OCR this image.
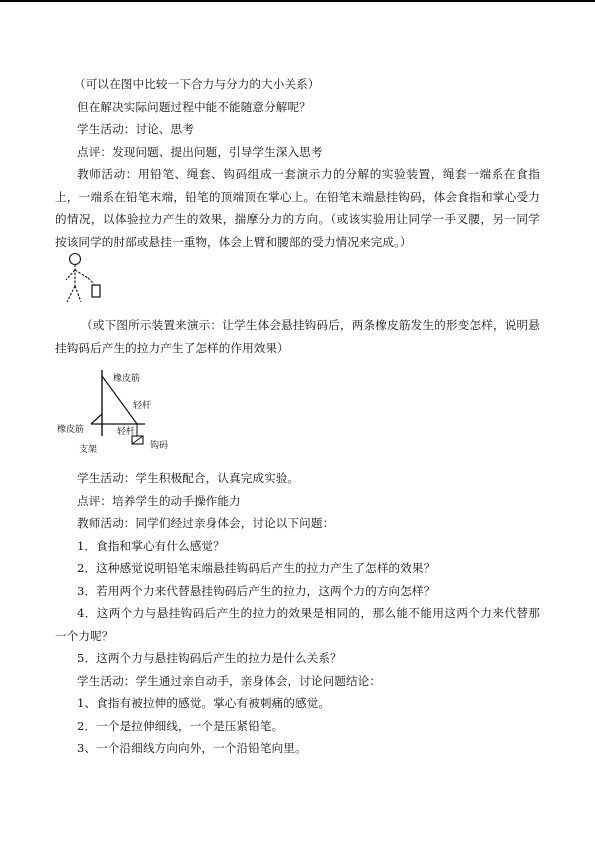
（可以在图中比较一下合力与分力的大小关系）
但在解决实际问题过程中能不能随意分解呢？
学生活动：讨论、思考
点评：发现问题、提出问题，引导学生深入思考
教师活动：用铅笔、绳套、钩码组成一套演示力的分解的实验装置，绳套一端系在食指上，一端系在铅笔末端，铅笔的顶端顶在掌心上。在铅笔末端悬挂钩码，体会食指和掌心受力的情况，以体验拉力产生的效果，揣摩分力的方向。（或该实验用让同学一手叉腰，另一同学按该同学的肘部或悬挂一重物，体会上臂和腰部的受力情况来完成。）
（或下图所示装置来演示：让学生体会悬挂钩码后，两条橡皮筋发生的形变怎样，说明悬挂钩码后产生的拉力产生了怎样的作用效果）
橡皮筋
轻杆
橡皮筋	轻杆
支架	钩码
学生活动：学生积极配合，认真完成实验。
点评：培养学生的动手操作能力
教师活动：同学们经过亲身体会，讨论以下问题：
1．食指和掌心有什么感觉？
2．这种感觉说明铅笔末端悬挂钩码后产生的拉力产生了怎样的效果？
3．若用两个力来代替悬挂钩码后产生的拉力，这两个力的方向怎样？
4．这两个力与悬挂钩码后产生的拉力的效果是相同的，那么能不能用这两个力来代替那一个力呢？
5．这两个力与悬挂钩码后产生的拉力是什么关系？
学生活动：学生通过亲自动手，亲身体会，讨论问题结论：
1、食指有被拉伸的感觉。掌心有被刺痛的感觉。
2．一个是拉伸细线，一个是压紧铅笔。
3、一个沿细线方向向外，一个沿铅笔向里。
